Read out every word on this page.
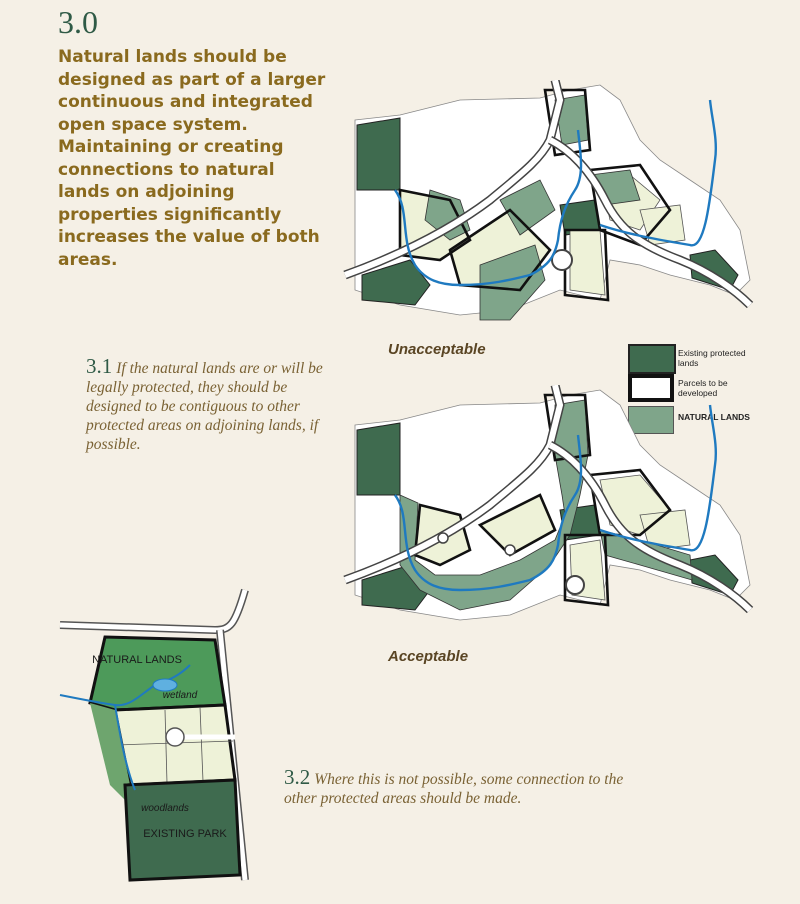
3.0

Natural lands should be designed as part of a larger continuous and integrated open space system. Maintaining or creating connections to natural lands on adjoining properties significantly increases the value of both areas.

3.1 If the natural lands are or will be legally protected, they should be designed to be contiguous to other protected areas on adjoining lands, if possible.

3.2 Where this is not possible, some connection to the other protected areas should be made.

Unacceptable	Existing protected lands
Parcels to be developed
NATURAL LANDS

Acceptable

NATURAL LANDS
wetland
woodlands
EXISTING PARK
